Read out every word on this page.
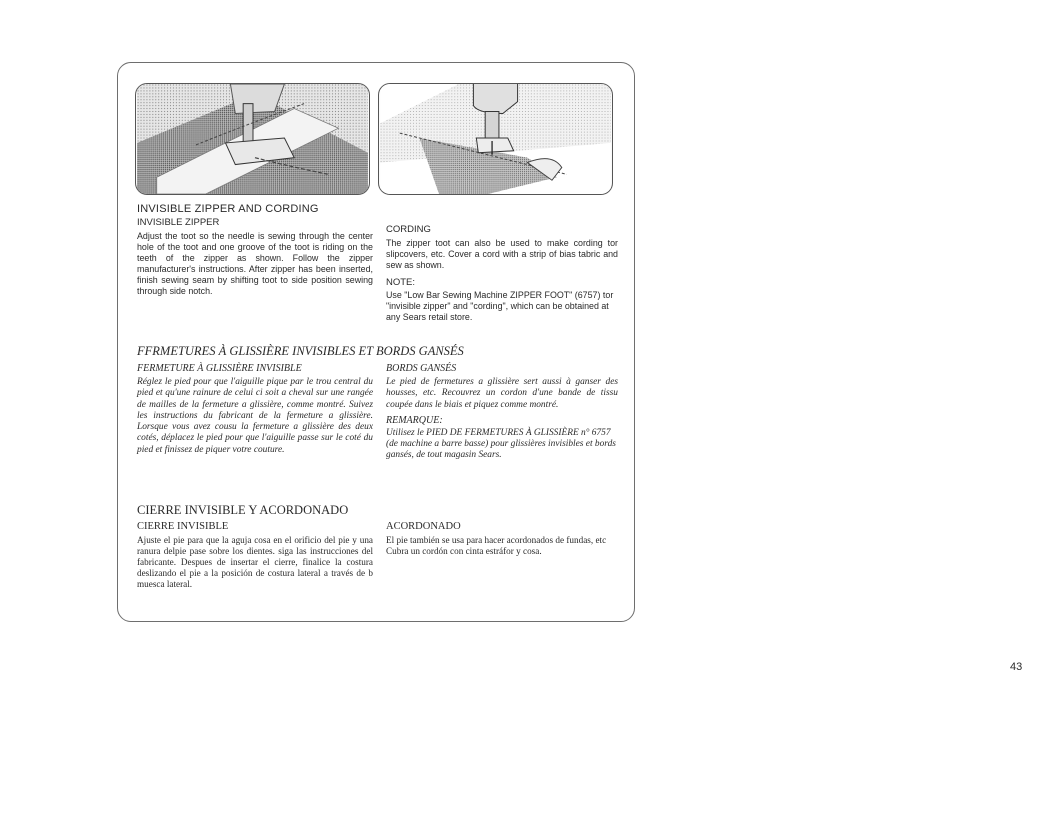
INVISIBLE ZIPPER AND CORDING
INVISIBLE ZIPPER

Adjust the toot so the needle is sewing through the center hole of the toot and one groove of the toot is riding on the teeth of the zipper as shown. Follow the zipper manufacturer's instructions. After zipper has been inserted, finish sewing seam by shifting toot to side position sewing through side notch.

CORDING

The zipper toot can also be used to make cording tor slipcovers, etc. Cover a cord with a strip of bias tabric and sew as shown.

NOTE:

Use "Low Bar Sewing Machine ZIPPER FOOT" (6757) tor "invisible zipper" and "cording", which can be obtained at any Sears retail store.

FFRMETURES À GLISSIÈRE INVISIBLES ET BORDS GANSÉS
FERMETURE À GLISSIÈRE INVISIBLE

Réglez le pied pour que l'aiguille pique par le trou central du pied et qu'une rainure de celui ci soit a cheval sur une rangée de mailles de la fermeture a glissière, comme montré. Suivez les instructions du fabricant de la fermeture a glissière. Lorsque vous avez cousu la fermeture a glissière des deux cotés, déplacez le pied pour que l'aiguille passe sur le coté du pied et finissez de piquer votre couture.

BORDS GANSÉS

Le pied de fermetures a glissière sert aussi à ganser des housses, etc. Recouvrez un cordon d'une bande de tissu coupée dans le biais et piquez comme montré.

REMARQUE:

Utilisez le PIED DE FERMETURES À GLISSIÈRE n° 6757 (de machine a barre basse) pour glissières invisibles et bords gansés, de tout magasin Sears.

CIERRE INVISIBLE Y ACORDONADO
CIERRE INVISIBLE

Ajuste el pie para que la aguja cosa en el orificio del pie y una ranura delpie pase sobre los dientes. siga las instrucciones del fabricante. Despues de insertar el cierre, finalice la costura deslizando el pie a la posición de costura lateral a través de b muesca lateral.

ACORDONADO

El pie también se usa para hacer acordonados de fundas, etc Cubra un cordón con cinta estráfor y cosa.

43
